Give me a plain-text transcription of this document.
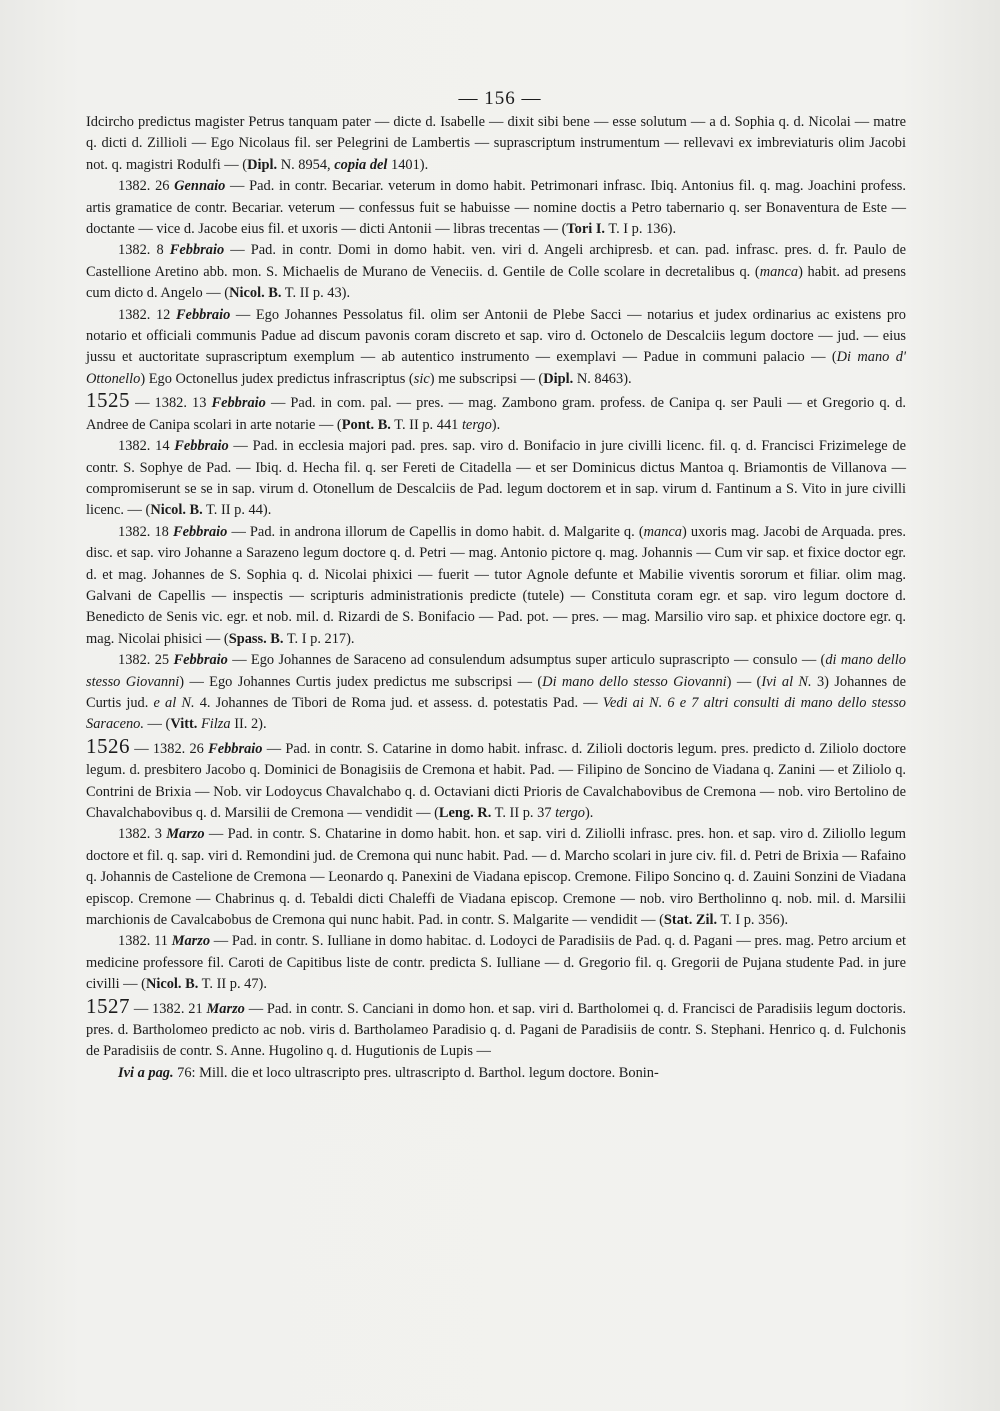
— 156 —

Idcircho predictus magister Petrus tanquam pater — dicte d. Isabelle — dixit sibi bene — esse solutum — a d. Sophia q. d. Nicolai — matre q. dicti d. Zillioli — Ego Nicolaus fil. ser Pelegrini de Lambertis — suprascriptum instrumentum — rellevavi ex imbreviaturis olim Jacobi not. q. magistri Rodulfi — (Dipl. N. 8954, copia del 1401).

1382. 26 Gennaio — Pad. in contr. Becariar. veterum in domo habit. Petrimonari infrasc. Ibiq. Antonius fil. q. mag. Joachini profess. artis gramatice de contr. Becariar. veterum — confessus fuit se habuisse — nomine doctis a Petro tabernario q. ser Bonaventura de Este — doctante — vice d. Jacobe eius fil. et uxoris — dicti Antonii — libras trecentas — (Tori I. T. I p. 136).

1382. 8 Febbraio — Pad. in contr. Domi in domo habit. ven. viri d. Angeli archipresb. et can. pad. infrasc. pres. d. fr. Paulo de Castellione Aretino abb. mon. S. Michaelis de Murano de Veneciis. d. Gentile de Colle scolare in decretalibus q. (manca) habit. ad presens cum dicto d. Angelo — (Nicol. B. T. II p. 43).

1382. 12 Febbraio — Ego Johannes Pessolatus fil. olim ser Antonii de Plebe Sacci — notarius et judex ordinarius ac existens pro notario et officiali communis Padue ad discum pavonis coram discreto et sap. viro d. Octonelo de Descalciis legum doctore — jud. — eius jussu et auctoritate suprascriptum exemplum — ab autentico instrumento — exemplavi — Padue in communi palacio — (Di mano d' Ottonello) Ego Octonellus judex predictus infrascriptus (sic) me subscripsi — (Dipl. N. 8463).

1525 — 1382. 13 Febbraio — Pad. in com. pal. — pres. — mag. Zambono gram. profess. de Canipa q. ser Pauli — et Gregorio q. d. Andree de Canipa scolari in arte notarie — (Pont. B. T. II p. 441 tergo).

1382. 14 Febbraio — Pad. in ecclesia majori pad. pres. sap. viro d. Bonifacio in jure civilli licenc. fil. q. d. Francisci Frizimelege de contr. S. Sophye de Pad. — Ibiq. d. Hecha fil. q. ser Fereti de Citadella — et ser Dominicus dictus Mantoa q. Briamontis de Villanova — compromiserunt se se in sap. virum d. Otonellum de Descalciis de Pad. legum doctorem et in sap. virum d. Fantinum a S. Vito in jure civilli licenc. — (Nicol. B. T. II p. 44).

1382. 18 Febbraio — Pad. in androna illorum de Capellis in domo habit. d. Malgarite q. (manca) uxoris mag. Jacobi de Arquada. pres. disc. et sap. viro Johanne a Sarazeno legum doctore q. d. Petri — mag. Antonio pictore q. mag. Johannis — Cum vir sap. et fixice doctor egr. d. et mag. Johannes de S. Sophia q. d. Nicolai phixici — fuerit — tutor Agnole defunte et Mabilie viventis sororum et filiar. olim mag. Galvani de Capellis — inspectis — scripturis administrationis predicte (tutele) — Constituta coram egr. et sap. viro legum doctore d. Benedicto de Senis vic. egr. et nob. mil. d. Rizardi de S. Bonifacio — Pad. pot. — pres. — mag. Marsilio viro sap. et phixice doctore egr. q. mag. Nicolai phisici — (Spass. B. T. I p. 217).

1382. 25 Febbraio — Ego Johannes de Saraceno ad consulendum adsumptus super articulo suprascripto — consulo — (di mano dello stesso Giovanni) — Ego Johannes Curtis judex predictus me subscripsi — (Di mano dello stesso Giovanni) — (Ivi al N. 3) Johannes de Curtis jud. e al N. 4. Johannes de Tibori de Roma jud. et assess. d. potestatis Pad. — Vedi ai N. 6 e 7 altri consulti di mano dello stesso Saraceno. — (Vitt. Filza II. 2).

1526 — 1382. 26 Febbraio — Pad. in contr. S. Catarine in domo habit. infrasc. d. Zilioli doctoris legum. pres. predicto d. Ziliolo doctore legum. d. presbitero Jacobo q. Dominici de Bonagisiis de Cremona et habit. Pad. — Filipino de Soncino de Viadana q. Zanini — et Ziliolo q. Contrini de Brixia — Nob. vir Lodoycus Chavalchabo q. d. Octaviani dicti Prioris de Cavalchabovibus de Cremona — nob. viro Bertolino de Chavalchabovibus q. d. Marsilii de Cremona — vendidit — (Leng. R. T. II p. 37 tergo).

1382. 3 Marzo — Pad. in contr. S. Chatarine in domo habit. hon. et sap. viri d. Ziliolli infrasc. pres. hon. et sap. viro d. Ziliollo legum doctore et fil. q. sap. viri d. Remondini jud. de Cremona qui nunc habit. Pad. — d. Marcho scolari in jure civ. fil. d. Petri de Brixia — Rafaino q. Johannis de Castelione de Cremona — Leonardo q. Panexini de Viadana episcop. Cremone. Filipo Soncino q. d. Zauini Sonzini de Viadana episcop. Cremone — Chabrinus q. d. Tebaldi dicti Chaleffi de Viadana episcop. Cremone — nob. viro Bertholinno q. nob. mil. d. Marsilii marchionis de Cavalcabobus de Cremona qui nunc habit. Pad. in contr. S. Malgarite — vendidit — (Stat. Zil. T. I p. 356).

1382. 11 Marzo — Pad. in contr. S. Iulliane in domo habitac. d. Lodoyci de Paradisiis de Pad. q. d. Pagani — pres. mag. Petro arcium et medicine professore fil. Caroti de Capitibus liste de contr. predicta S. Iulliane — d. Gregorio fil. q. Gregorii de Pujana studente Pad. in jure civilli — (Nicol. B. T. II p. 47).

1527 — 1382. 21 Marzo — Pad. in contr. S. Canciani in domo hon. et sap. viri d. Bartholomei q. d. Francisci de Paradisiis legum doctoris. pres. d. Bartholomeo predicto ac nob. viris d. Bartholameo Paradisio q. d. Pagani de Paradisiis de contr. S. Stephani. Henrico q. d. Fulchonis de Paradisiis de contr. S. Anne. Hugolino q. d. Hugutionis de Lupis —

Ivi a pag. 76: Mill. die et loco ultrascripto pres. ultrascripto d. Barthol. legum doctore. Bonin-
